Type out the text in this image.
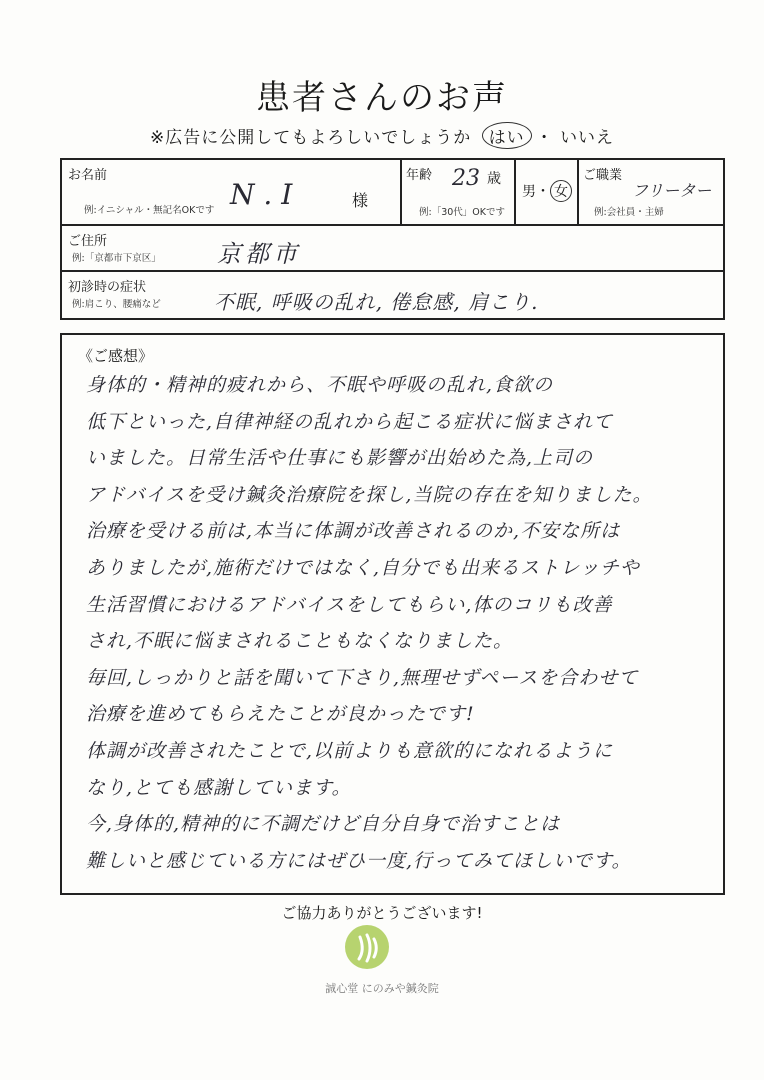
患者さんのお声
※広告に公開してもよろしいでしょうか はい ・ いいえ
お名前
例:イニシャル・無記名OKです N . I	様
年齢 23 歳
例:「30代」OKです
男・ 女
ご職業
フリーター
例:会社員・主婦
ご住所
例:「京都市下京区」 京都市
初診時の症状
例:肩こり、腰痛など	不眠, 呼吸の乱れ, 倦怠感, 肩こり.
《ご感想》

身体的・精神的疲れから、不眠や呼吸の乱れ,食欲の

低下といった,自律神経の乱れから起こる症状に悩まされて

いました。日常生活や仕事にも影響が出始めた為,上司の

アドバイスを受け鍼灸治療院を探し,当院の存在を知りました。

治療を受ける前は,本当に体調が改善されるのか,不安な所は

ありましたが,施術だけではなく,自分でも出来るストレッチや

生活習慣におけるアドバイスをしてもらい,体のコリも改善

され,不眠に悩まされることもなくなりました。

毎回,しっかりと話を聞いて下さり,無理せずペースを合わせて

治療を進めてもらえたことが良かったです!

体調が改善されたことで,以前よりも意欲的になれるように

なり,とても感謝しています。

今,身体的,精神的に不調だけど自分自身で治すことは

難しいと感じている方にはぜひ一度,行ってみてほしいです。

ご協力ありがとうございます!
誠心堂 にのみや鍼灸院
